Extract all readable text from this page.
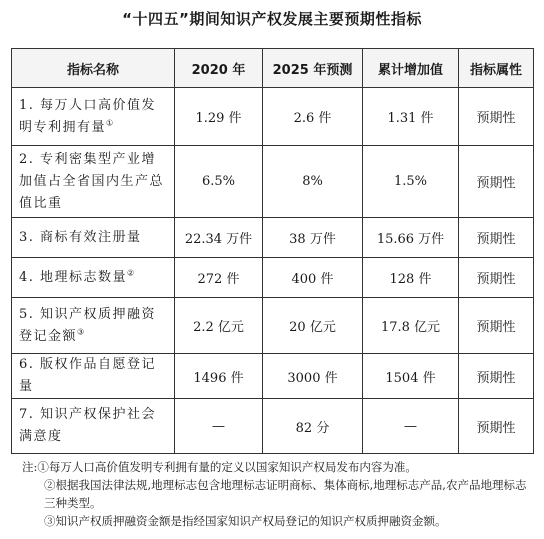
“十四五”期间知识产权发展主要预期性指标
指标名称	2020 年	2025 年预测	累计增加值	指标属性
1. 每万人口高价值发明专利拥有量①	1.29 件	2.6 件	1.31 件	预期性
2. 专利密集型产业增加值占全省国内生产总值比重	6.5%	8%	1.5%	预期性
3. 商标有效注册量	22.34 万件	38 万件	15.66 万件	预期性
4. 地理标志数量②	272 件	400 件	128 件	预期性
5. 知识产权质押融资登记金额③	2.2 亿元	20 亿元	17.8 亿元	预期性
6. 版权作品自愿登记量	1496 件	3000 件	1504 件	预期性
7. 知识产权保护社会满意度	—	82 分	—	预期性

注:①每万人口高价值发明专利拥有量的定义以国家知识产权局发布内容为准。

②根据我国法律法规,地理标志包含地理标志证明商标、集体商标,地理标志产品,农产品地理标志三种类型。

③知识产权质押融资金额是指经国家知识产权局登记的知识产权质押融资金额。
